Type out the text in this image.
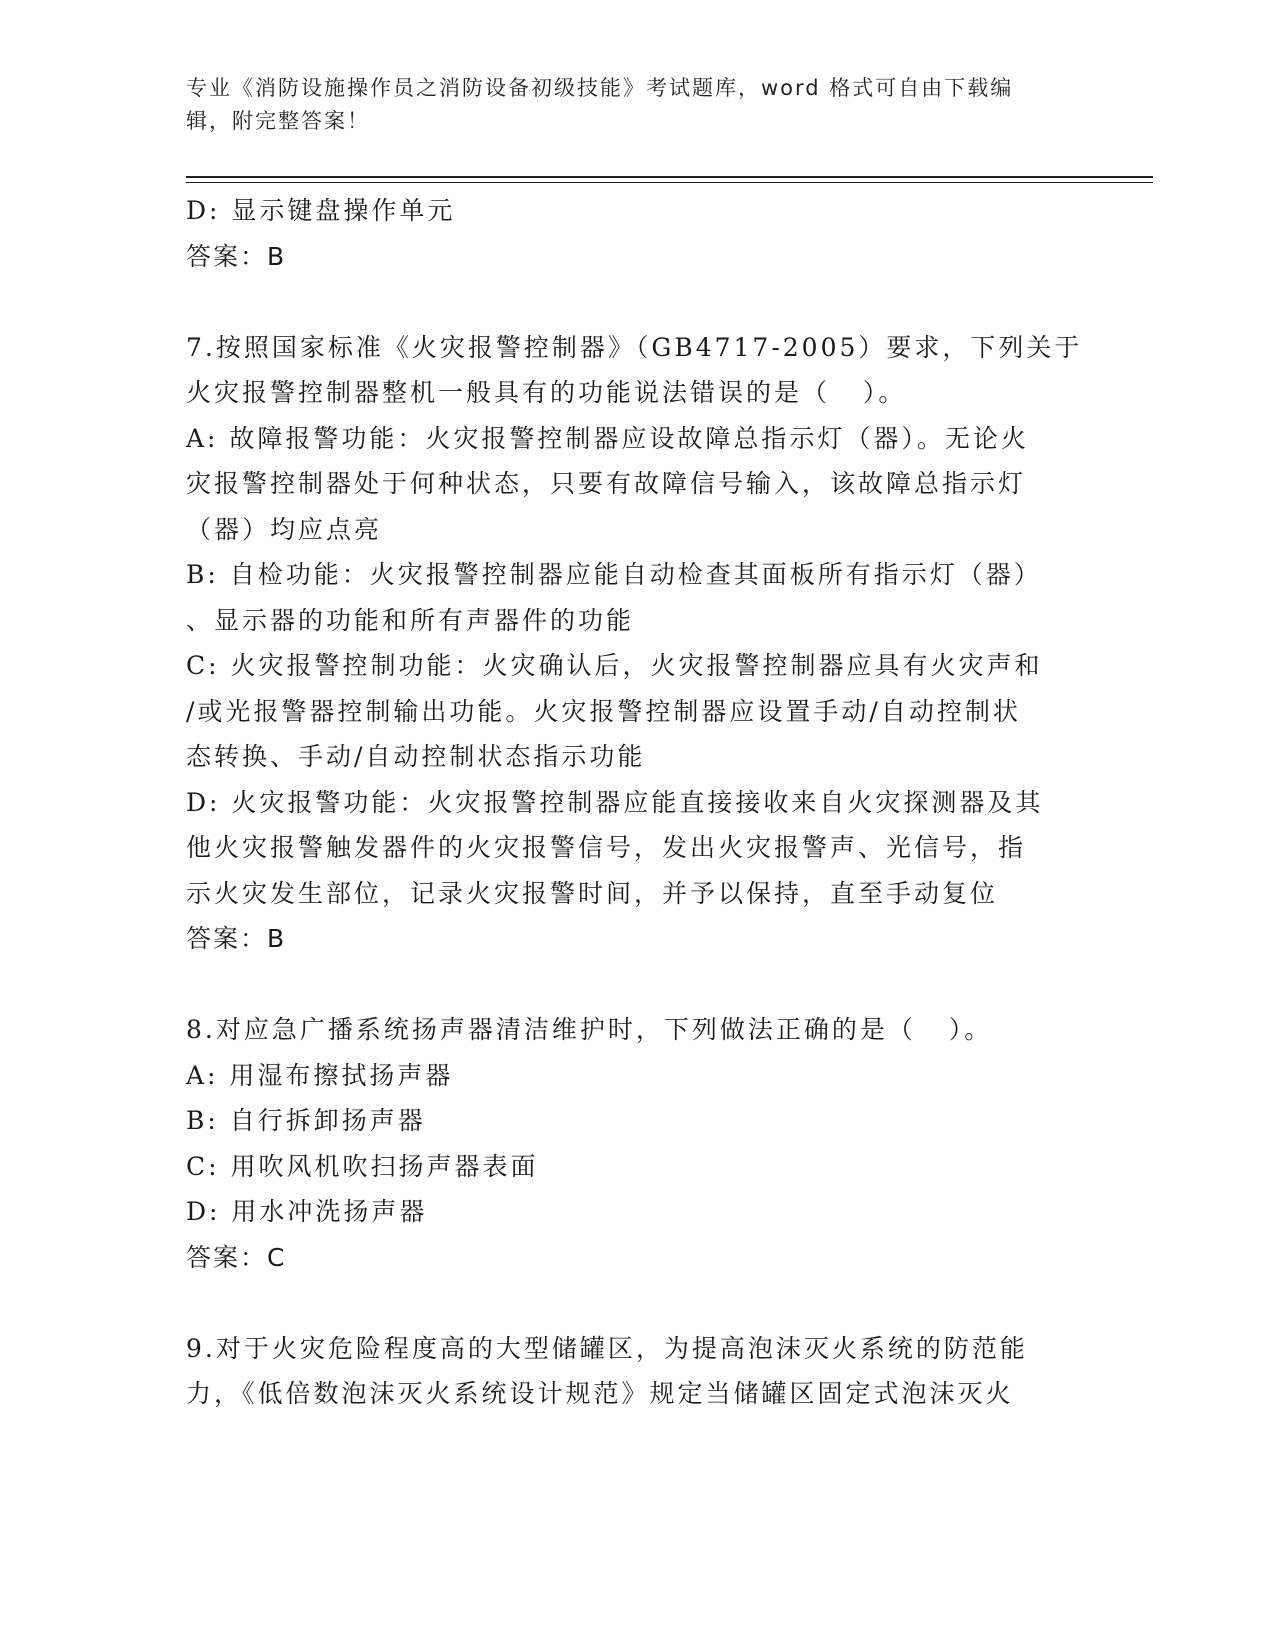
专业《消防设施操作员之消防设备初级技能》考试题库，word 格式可自由下载编
辑，附完整答案！
D: 显示键盘操作单元
答案：B
7.按照国家标准《火灾报警控制器》（GB4717-2005）要求，下列关于
火灾报警控制器整机一般具有的功能说法错误的是（   ）。
A: 故障报警功能：火灾报警控制器应设故障总指示灯（器）。无论火
灾报警控制器处于何种状态，只要有故障信号输入，该故障总指示灯
（器）均应点亮
B: 自检功能：火灾报警控制器应能自动检查其面板所有指示灯（器）
、显示器的功能和所有声器件的功能
C: 火灾报警控制功能：火灾确认后，火灾报警控制器应具有火灾声和
/或光报警器控制输出功能。火灾报警控制器应设置手动/自动控制状
态转换、手动/自动控制状态指示功能
D: 火灾报警功能：火灾报警控制器应能直接接收来自火灾探测器及其
他火灾报警触发器件的火灾报警信号，发出火灾报警声、光信号，指
示火灾发生部位，记录火灾报警时间，并予以保持，直至手动复位
答案：B
8.对应急广播系统扬声器清洁维护时，下列做法正确的是（   ）。
A: 用湿布擦拭扬声器
B: 自行拆卸扬声器
C: 用吹风机吹扫扬声器表面
D: 用水冲洗扬声器
答案：C
9.对于火灾危险程度高的大型储罐区，为提高泡沫灭火系统的防范能
力，《低倍数泡沫灭火系统设计规范》规定当储罐区固定式泡沫灭火
